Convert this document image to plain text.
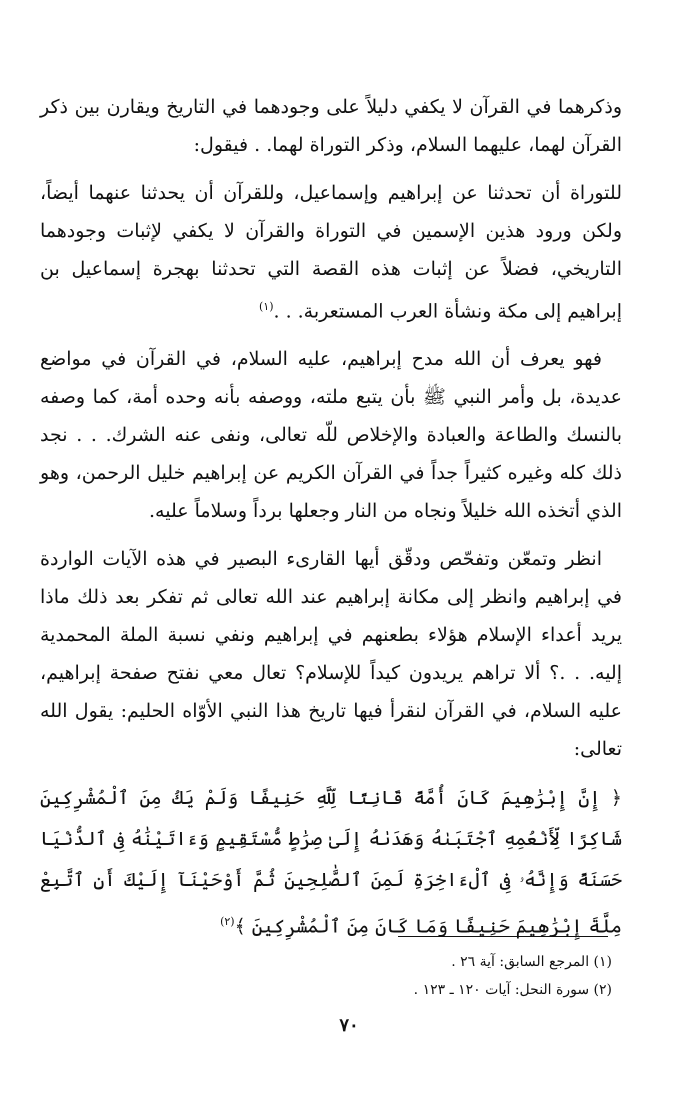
وذكرهما في القرآن لا يكفي دليلاً على وجودهما في التاريخ ويقارن بين ذكر القرآن لهما، عليهما السلام، وذكر التوراة لهما. . فيقول:

للتوراة أن تحدثنا عن إبراهيم وإسماعيل، وللقرآن أن يحدثنا عنهما أيضاً، ولكن ورود هذين الإسمين في التوراة والقرآن لا يكفي لإثبات وجودهما التاريخي، فضلاً عن إثبات هذه القصة التي تحدثنا بهجرة إسماعيل بن إبراهيم إلى مكة ونشأة العرب المستعربة. . .$^{(١)}$

فهو يعرف أن الله مدح إبراهيم، عليه السلام، في القرآن في مواضع عديدة، بل وأمر النبي ﷺ بأن يتبع ملته، ووصفه بأنه وحده أمة، كما وصفه بالنسك والطاعة والعبادة والإخلاص للّه تعالى، ونفى عنه الشرك. . . نجد ذلك كله وغيره كثيراً جداً في القرآن الكريم عن إبراهيم خليل الرحمن، وهو الذي أتخذه الله خليلاً ونجاه من النار وجعلها برداً وسلاماً عليه.

انظر وتمعّن وتفحّص ودقّق أيها القارىء البصير في هذه الآيات الواردة في إبراهيم وانظر إلى مكانة إبراهيم عند الله تعالى ثم تفكر بعد ذلك ماذا يريد أعداء الإسلام هؤلاء بطعنهم في إبراهيم ونفي نسبة الملة المحمدية إليه. . .؟ ألا تراهم يريدون كيداً للإسلام؟ تعال معي نفتح صفحة إبراهيم، عليه السلام، في القرآن لنقرأ فيها تاريخ هذا النبي الأوّاه الحليم: يقول الله تعالى:

﴿ إِنَّ إِبْرَٰهِيمَ كَانَ أُمَّةً قَانِتًا لِّلَّهِ حَنِيفًا وَلَمْ يَكُ مِنَ ٱلْمُشْرِكِينَ شَاكِرًا لِّأَنْعُمِهِ ٱجْتَبَىٰهُ وَهَدَىٰهُ إِلَىٰ صِرَٰطٍ مُّسْتَقِيمٍ وَءَاتَيْنَٰهُ فِى ٱلدُّنْيَا حَسَنَةً وَإِنَّهُۥ فِى ٱلْءَاخِرَةِ لَمِنَ ٱلصَّٰلِحِينَ ثُمَّ أَوْحَيْنَآ إِلَيْكَ أَنِ ٱتَّبِعْ مِلَّةَ إِبْرَٰهِيمَ حَنِيفًا وَمَا كَانَ مِنَ ٱلْمُشْرِكِينَ ﴾$^{(٢)}$

(١) المرجع السابق: آية ٢٦ .

(٢) سورة النحل: آيات ١٢٠ ـ ١٢٣ .

٧٠
